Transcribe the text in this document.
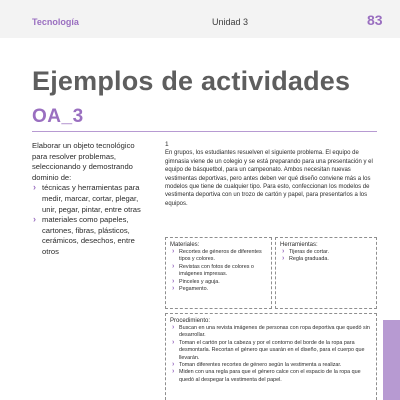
Tecnología	Unidad 3	83
Ejemplos de actividades
OA_3
Elaborar un objeto tecnológico para resolver problemas, seleccionando y demostrando dominio de:
› técnicas y herramientas para medir, marcar, cortar, plegar, unir, pegar, pintar, entre otras
› materiales como papeles, cartones, fibras, plásticos, cerámicos, desechos, entre otros
1
En grupos, los estudiantes resuelven el siguiente problema. El equipo de gimnasia viene de un colegio y se está preparando para una presentación y el equipo de básquetbol, para un campeonato. Ambos necesitan nuevas vestimentas deportivas, pero antes deben ver qué diseño conviene más a los modelos que tiene de cualquier tipo. Para esto, confeccionan los modelos de vestimenta deportiva con un trozo de cartón y papel, para presentarlos a los equipos.
Materiales:
› Recortes de géneros de diferentes tipos y colores.
› Revistas con fotos de colores o imágenes impresas.
› Pinceles y aguja.
› Pegamento.
Herramientas:
› Tijeras de cortar.
› Regla graduada.
Procedimiento:
› Buscan en una revista imágenes de personas con ropa deportiva que quedó sin desarrollar.
› Toman el cartón por la cabeza y por el contorno del borde de la ropa para desmontarla. Recortan el género que usarán en el diseño, para el cuerpo que llevarán.
› Toman diferentes recortes de género según la vestimenta a realizar.
› Miden con una regla para que el género calce con el espacio de la ropa que quedó al despegar la vestimenta del papel.
